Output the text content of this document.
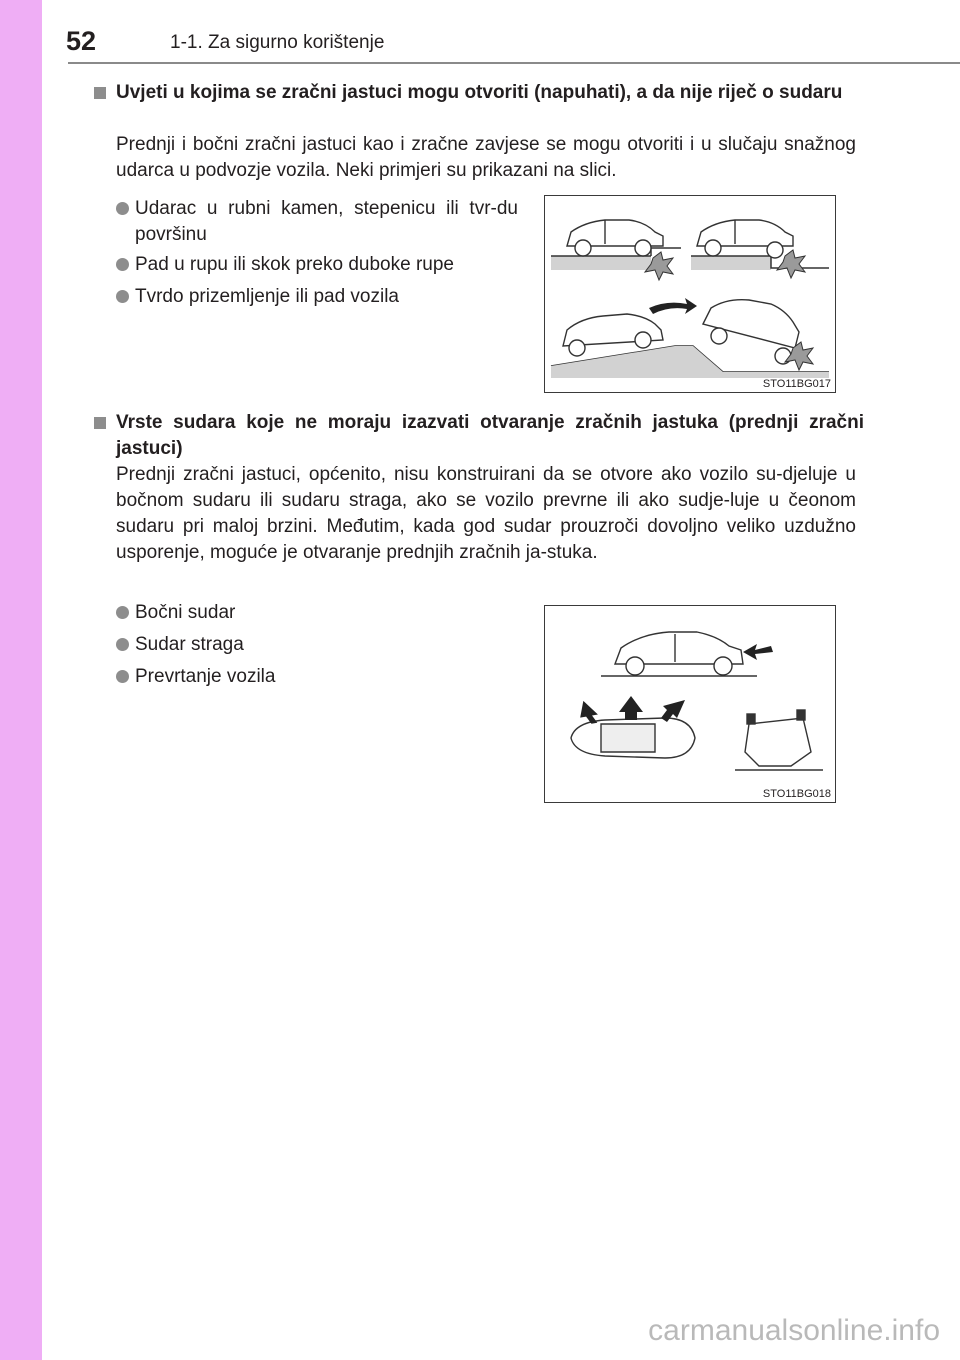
52	1-1. Za sigurno korištenje
Uvjeti u kojima se zračni jastuci mogu otvoriti (napuhati), a da nije riječ o sudaru
Prednji i bočni zračni jastuci kao i zračne zavjese se mogu otvoriti i u slučaju snažnog udarca u podvozje vozila. Neki primjeri su prikazani na slici.
Udarac u rubni kamen, stepenicu ili tvr-du površinu
Pad u rupu ili skok preko duboke rupe
Tvrdo prizemljenje ili pad vozila
STO11BG017
Vrste sudara koje ne moraju izazvati otvaranje zračnih jastuka (prednji zračni jastuci)
Prednji zračni jastuci, općenito, nisu konstruirani da se otvore ako vozilo su-djeluje u bočnom sudaru ili sudaru straga, ako se vozilo prevrne ili ako sudje-luje u čeonom sudaru pri maloj brzini. Međutim, kada god sudar prouzroči dovoljno veliko uzdužno usporenje, moguće je otvaranje prednjih zračnih ja-stuka.
Bočni sudar
Sudar straga
Prevrtanje vozila
STO11BG018
carmanualsonline.info
